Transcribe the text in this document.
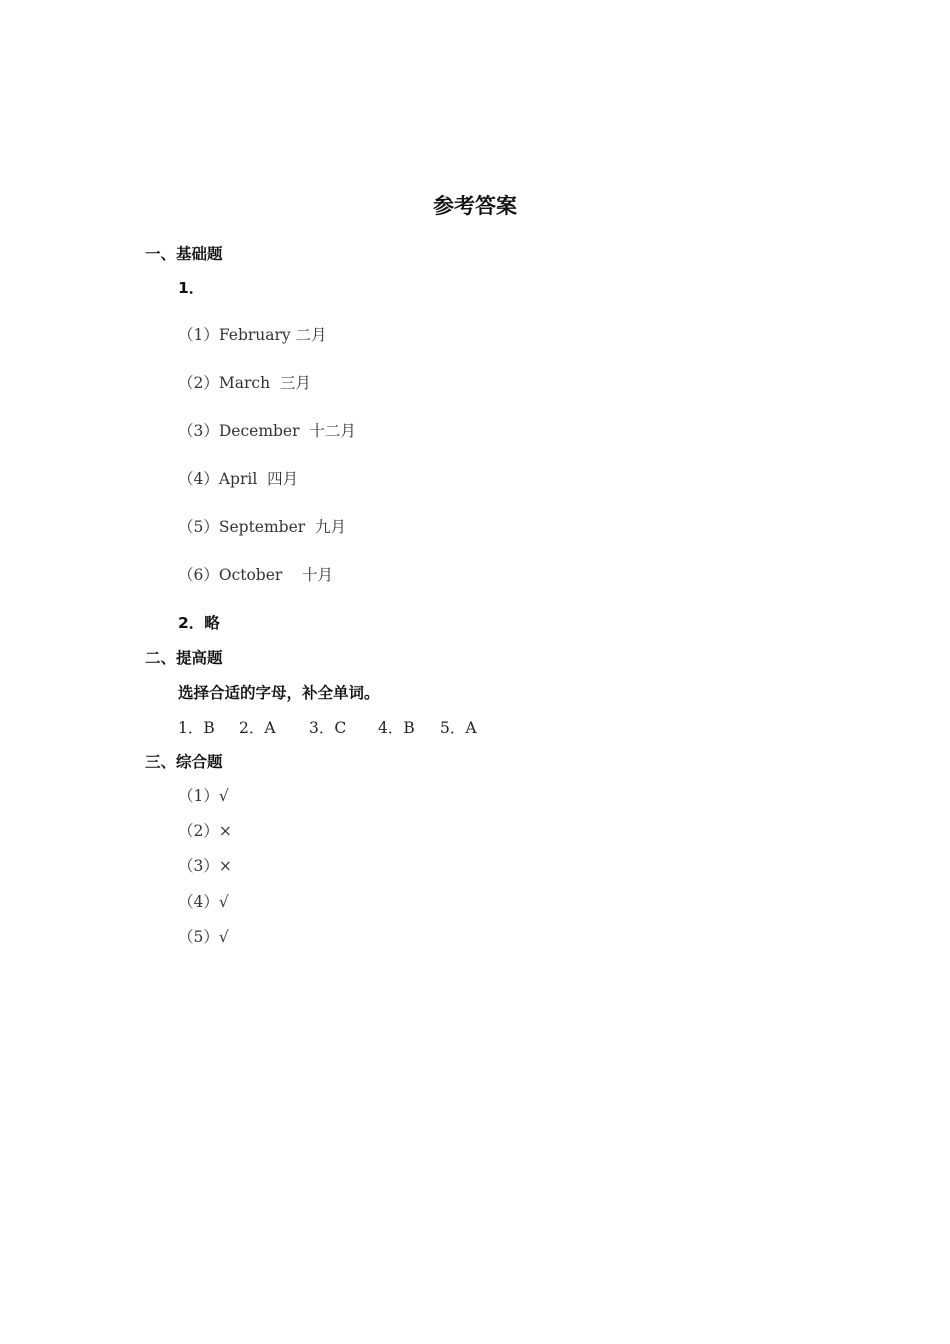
参考答案
一、基础题
1．
（1）February 二月
（2）March  三月
（3）December  十二月
（4）April  四月
（5）September  九月
（6）October    十月
2．略
二、提高题
选择合适的字母，补全单词。
1．B 2．A 3．C 4．B 5．A
三、综合题
（1）√
（2）×
（3）×
（4）√
（5）√
